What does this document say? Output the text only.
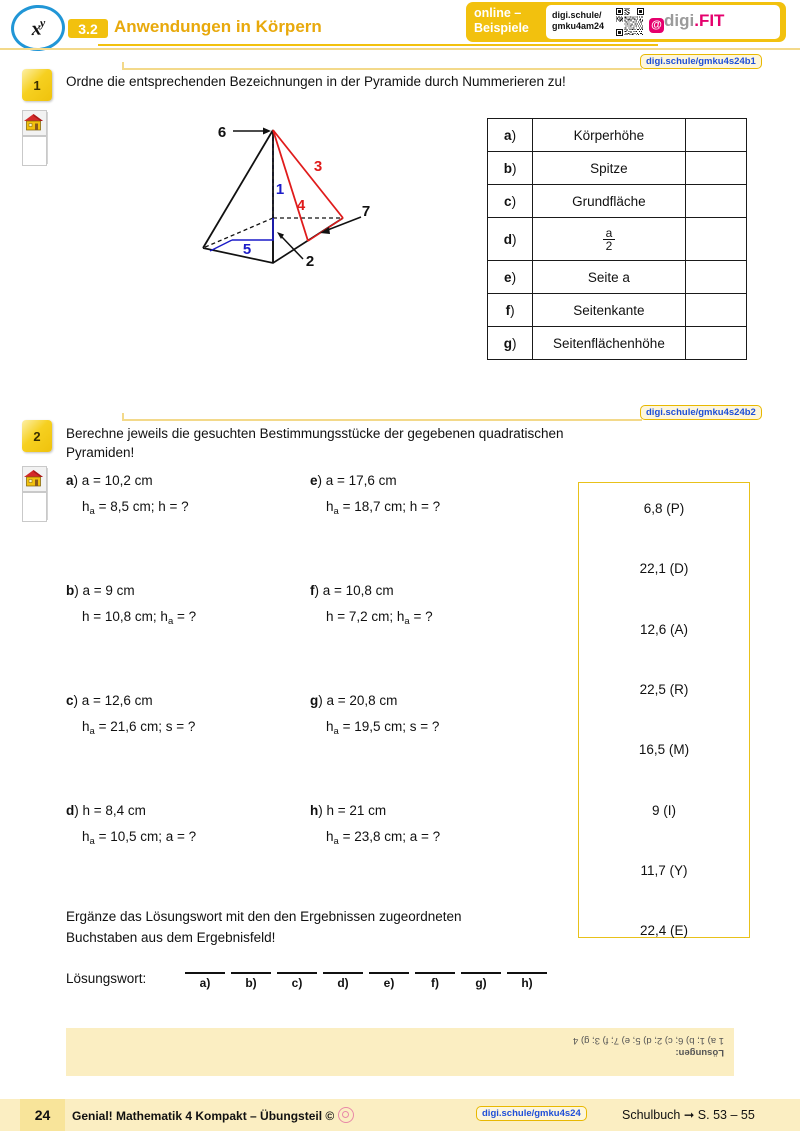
$x^y$	3.2 Anwendungen in Körpern
online –
Beispiele
digi.schule/
gmku4am24	@ digi.FIT
digi.schule/gmku4s24b1
1	Ordne die entsprechenden Bezeichnungen in der Pyramide durch Nummerieren zu!
6
3
1
4
5
2
7
a)	Körperhöhe	
b)	Spitze	
c)	Grundfläche	
d)	$\frac{a}{2}$

e)	Seite a	
f)	Seitenkante	
g)	Seitenflächenhöhe	
digi.schule/gmku4s24b2
2	Berechne jeweils die gesuchten Bestimmungsstücke der gegebenen quadratischen
Pyramiden!
a) a = 10,2 cm
$h_a = 8,5$ cm; h = ?
b) a = 9 cm
h = 10,8 cm; $h_a$ = ?
c) a = 12,6 cm
$h_a = 21,6$ cm; s = ?
d) h = 8,4 cm
$h_a = 10,5$ cm; a = ?
e) a = 17,6 cm
$h_a = 18,7$ cm; h = ?
f) a = 10,8 cm
h = 7,2 cm; $h_a$ = ?
g) a = 20,8 cm
$h_a = 19,5$ cm; s = ?
h) h = 21 cm
$h_a = 23,8$ cm; a = ?
6,8 (P)
22,1 (D)
12,6 (A)
22,5 (R)
16,5 (M)
9 (I)
11,7 (Y)
22,4 (E)
Ergänze das Lösungswort mit den den Ergebnissen zugeordneten
Buchstaben aus dem Ergebnisfeld!
Lösungswort:	a)	b)	c)	d)	e)	f)	g)	h)
Lösungen:
1 a) 1; b) 6; c) 2; d) 5; e) 7; f) 3; g) 4
24	Genial! Mathematik 4 Kompakt – Übungsteil ©	digi.schule/gmku4s24	Schulbuch ➞ S. 53 – 55
